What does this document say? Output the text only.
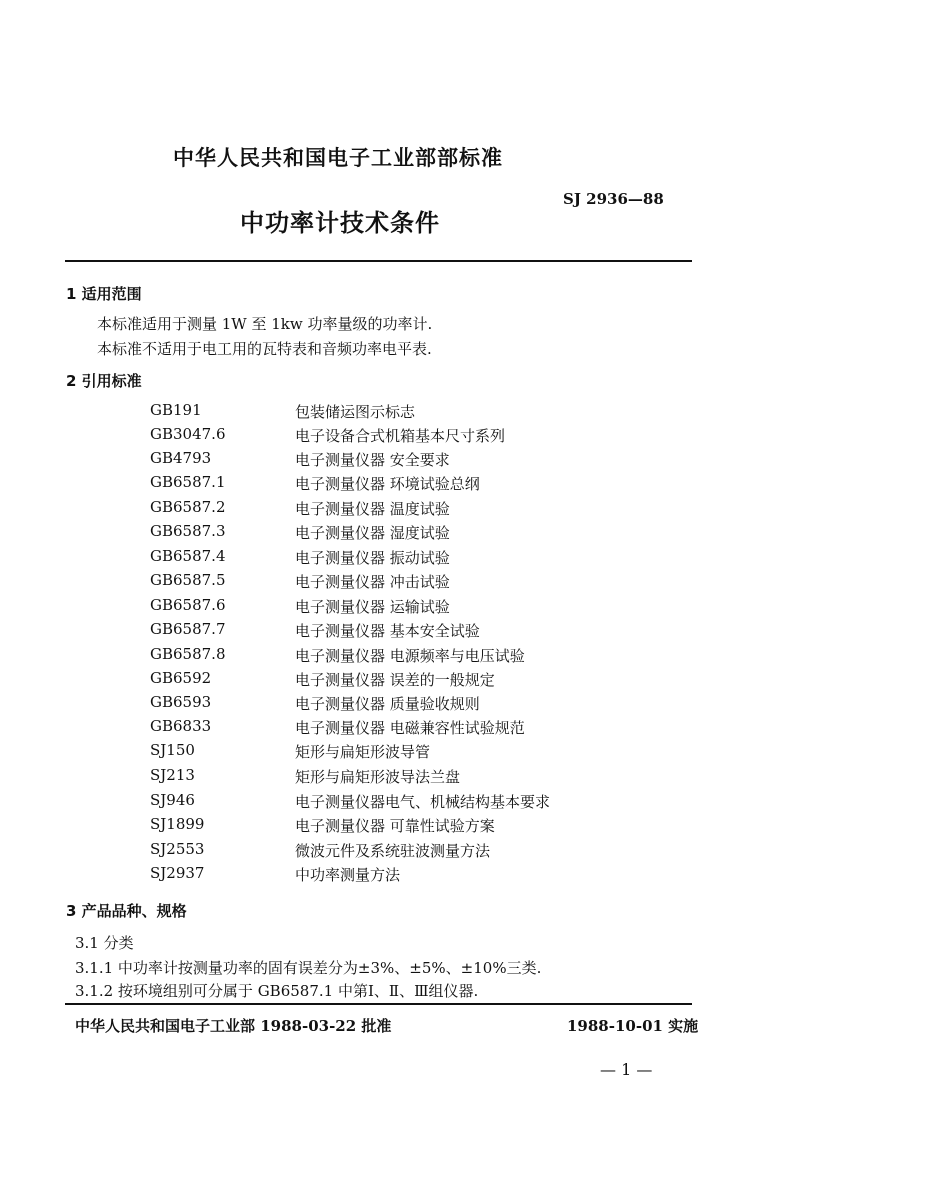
中华人民共和国电子工业部部标准
SJ 2936—88
中功率计技术条件
1 适用范围
本标准适用于测量 1W 至 1kw 功率量级的功率计.
本标准不适用于电工用的瓦特表和音频功率电平表.
2 引用标准
GB191	包装储运图示标志
GB3047.6	电子设备合式机箱基本尺寸系列
GB4793	电子测量仪器 安全要求
GB6587.1	电子测量仪器 环境试验总纲
GB6587.2	电子测量仪器 温度试验
GB6587.3	电子测量仪器 湿度试验
GB6587.4	电子测量仪器 振动试验
GB6587.5	电子测量仪器 冲击试验
GB6587.6	电子测量仪器 运输试验
GB6587.7	电子测量仪器 基本安全试验
GB6587.8	电子测量仪器 电源频率与电压试验
GB6592	电子测量仪器 误差的一般规定
GB6593	电子测量仪器 质量验收规则
GB6833	电子测量仪器 电磁兼容性试验规范
SJ150	矩形与扁矩形波导管
SJ213	矩形与扁矩形波导法兰盘
SJ946	电子测量仪器电气、机械结构基本要求
SJ1899	电子测量仪器 可靠性试验方案
SJ2553	微波元件及系统驻波测量方法
SJ2937	中功率测量方法
3 产品品种、规格
3.1 分类
3.1.1 中功率计按测量功率的固有误差分为±3%、±5%、±10%三类.
3.1.2 按环境组别可分属于 GB6587.1 中第Ⅰ、Ⅱ、Ⅲ组仪器.
中华人民共和国电子工业部 1988-03-22 批准	1988-10-01 实施
— 1 —
